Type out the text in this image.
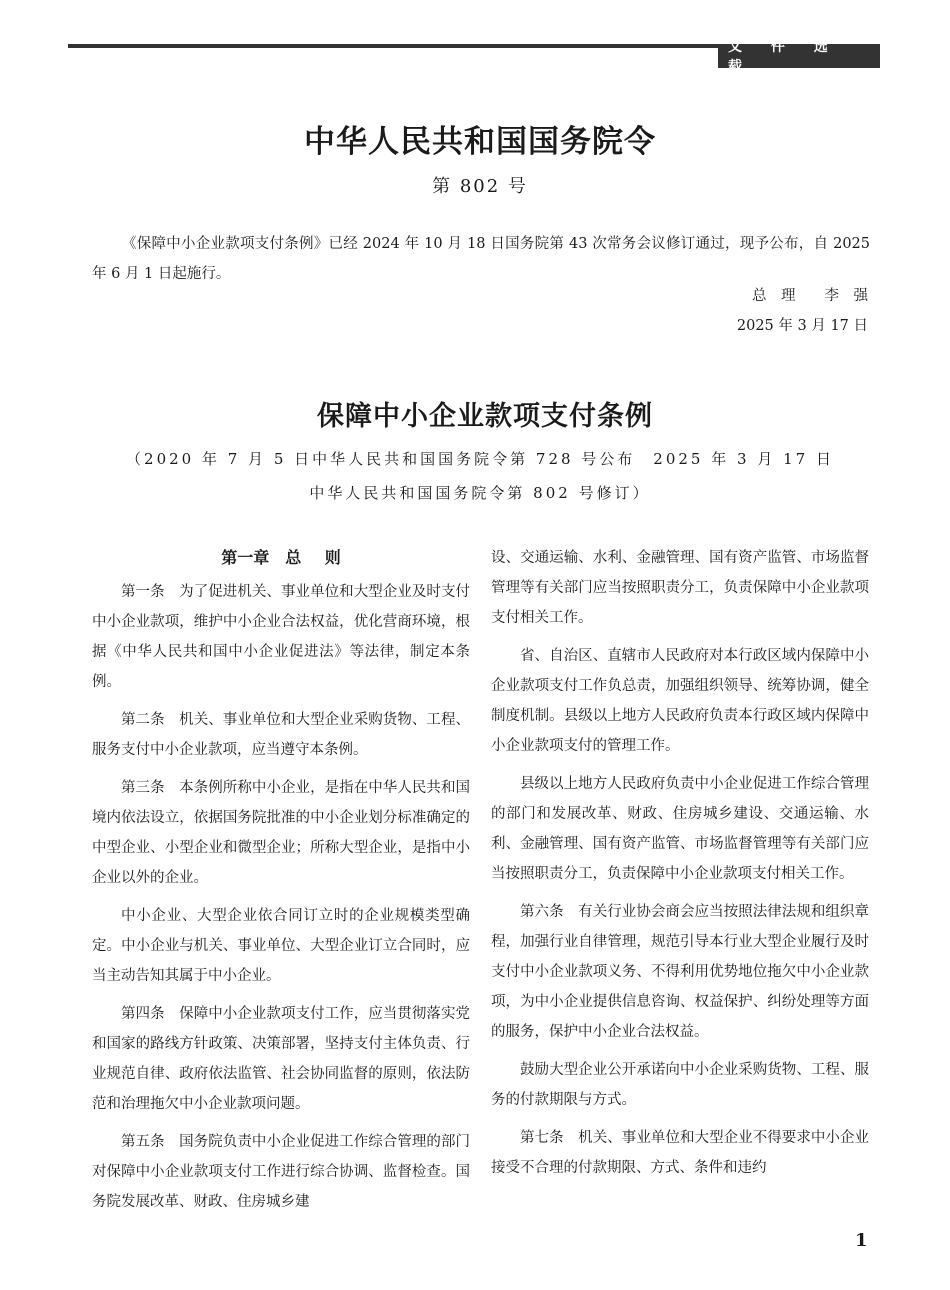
文 件 选 载
中华人民共和国国务院令
第 802 号

《保障中小企业款项支付条例》已经 2024 年 10 月 18 日国务院第 43 次常务会议修订通过，现予公布，自 2025 年 6 月 1 日起施行。

总　理　　李　强
2025 年 3 月 17 日
保障中小企业款项支付条例
（2020 年 7 月 5 日中华人民共和国国务院令第 728 号公布　2025 年 3 月 17 日
中华人民共和国国务院令第 802 号修订）
第一章　总 则

第一条　为了促进机关、事业单位和大型企业及时支付中小企业款项，维护中小企业合法权益，优化营商环境，根据《中华人民共和国中小企业促进法》等法律，制定本条例。

第二条　机关、事业单位和大型企业采购货物、工程、服务支付中小企业款项，应当遵守本条例。

第三条　本条例所称中小企业，是指在中华人民共和国境内依法设立，依据国务院批准的中小企业划分标准确定的中型企业、小型企业和微型企业；所称大型企业，是指中小企业以外的企业。

中小企业、大型企业依合同订立时的企业规模类型确定。中小企业与机关、事业单位、大型企业订立合同时，应当主动告知其属于中小企业。

第四条　保障中小企业款项支付工作，应当贯彻落实党和国家的路线方针政策、决策部署，坚持支付主体负责、行业规范自律、政府依法监管、社会协同监督的原则，依法防范和治理拖欠中小企业款项问题。

第五条　国务院负责中小企业促进工作综合管理的部门对保障中小企业款项支付工作进行综合协调、监督检查。国务院发展改革、财政、住房城乡建

设、交通运输、水利、金融管理、国有资产监管、市场监督管理等有关部门应当按照职责分工，负责保障中小企业款项支付相关工作。

省、自治区、直辖市人民政府对本行政区域内保障中小企业款项支付工作负总责，加强组织领导、统筹协调，健全制度机制。县级以上地方人民政府负责本行政区域内保障中小企业款项支付的管理工作。

县级以上地方人民政府负责中小企业促进工作综合管理的部门和发展改革、财政、住房城乡建设、交通运输、水利、金融管理、国有资产监管、市场监督管理等有关部门应当按照职责分工，负责保障中小企业款项支付相关工作。

第六条　有关行业协会商会应当按照法律法规和组织章程，加强行业自律管理，规范引导本行业大型企业履行及时支付中小企业款项义务、不得利用优势地位拖欠中小企业款项，为中小企业提供信息咨询、权益保护、纠纷处理等方面的服务，保护中小企业合法权益。

鼓励大型企业公开承诺向中小企业采购货物、工程、服务的付款期限与方式。

第七条　机关、事业单位和大型企业不得要求中小企业接受不合理的付款期限、方式、条件和违约

1
